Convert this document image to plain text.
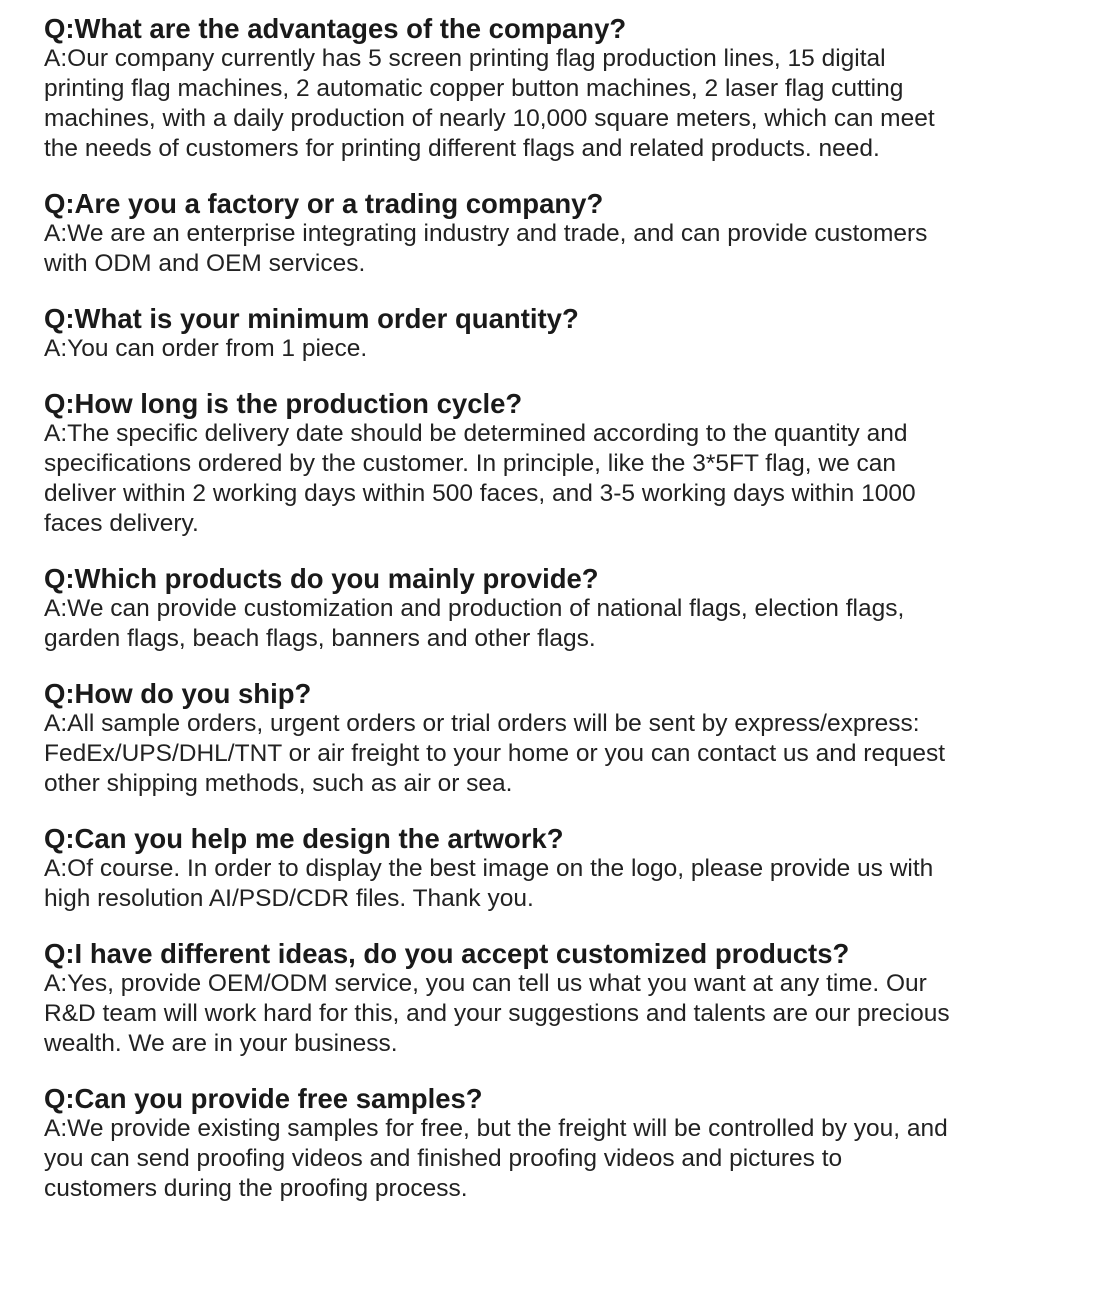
Q:What are the advantages of the company?
A:Our company currently has 5 screen printing flag production lines, 15 digital
printing flag machines, 2 automatic copper button machines, 2 laser flag cutting
machines, with a daily production of nearly 10,000 square meters, which can meet
the needs of customers for printing different flags and related products. need.
Q:Are you a factory or a trading company?
A:We are an enterprise integrating industry and trade, and can provide customers
with ODM and OEM services.
Q:What is your minimum order quantity?
A:You can order from 1 piece.
Q:How long is the production cycle?
A:The specific delivery date should be determined according to the quantity and
specifications ordered by the customer. In principle, like the 3*5FT flag, we can
deliver within 2 working days within 500 faces, and 3-5 working days within 1000
faces delivery.
Q:Which products do you mainly provide?
A:We can provide customization and production of national flags, election flags,
garden flags, beach flags, banners and other flags.
Q:How do you ship?
A:All sample orders, urgent orders or trial orders will be sent by express/express:
FedEx/UPS/DHL/TNT or air freight to your home or you can contact us and request
other shipping methods, such as air or sea.
Q:Can you help me design the artwork?
A:Of course. In order to display the best image on the logo, please provide us with
high resolution AI/PSD/CDR files. Thank you.
Q:I have different ideas, do you accept customized products?
A:Yes, provide OEM/ODM service, you can tell us what you want at any time. Our
R&D team will work hard for this, and your suggestions and talents are our precious
wealth. We are in your business.
Q:Can you provide free samples?
A:We provide existing samples for free, but the freight will be controlled by you, and
you can send proofing videos and finished proofing videos and pictures to
customers during the proofing process.
